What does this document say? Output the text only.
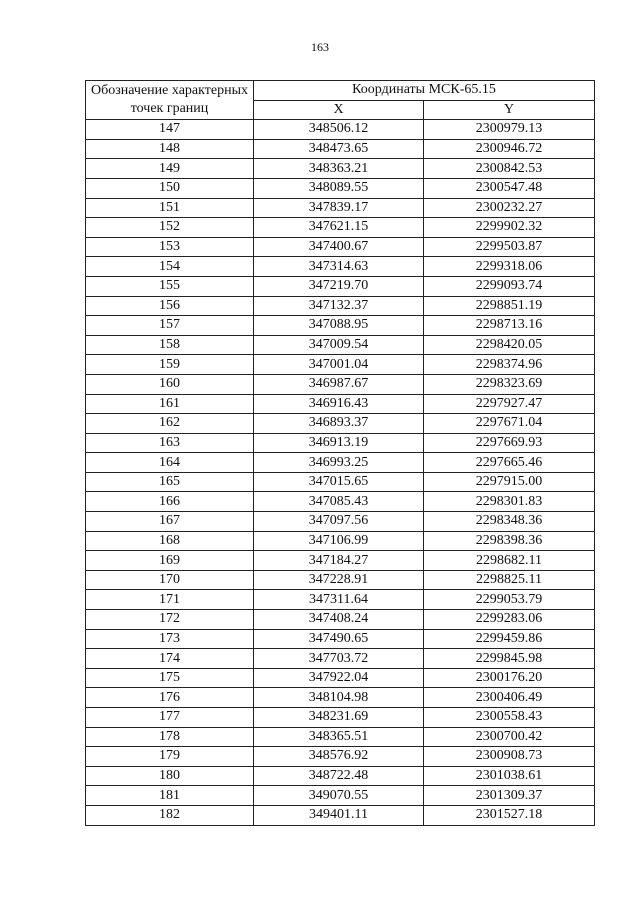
163
Обозначение характерных точек границ	Координаты МСК-65.15	
	X	Y
147	348506.12	2300979.13
148	348473.65	2300946.72
149	348363.21	2300842.53
150	348089.55	2300547.48
151	347839.17	2300232.27
152	347621.15	2299902.32
153	347400.67	2299503.87
154	347314.63	2299318.06
155	347219.70	2299093.74
156	347132.37	2298851.19
157	347088.95	2298713.16
158	347009.54	2298420.05
159	347001.04	2298374.96
160	346987.67	2298323.69
161	346916.43	2297927.47
162	346893.37	2297671.04
163	346913.19	2297669.93
164	346993.25	2297665.46
165	347015.65	2297915.00
166	347085.43	2298301.83
167	347097.56	2298348.36
168	347106.99	2298398.36
169	347184.27	2298682.11
170	347228.91	2298825.11
171	347311.64	2299053.79
172	347408.24	2299283.06
173	347490.65	2299459.86
174	347703.72	2299845.98
175	347922.04	2300176.20
176	348104.98	2300406.49
177	348231.69	2300558.43
178	348365.51	2300700.42
179	348576.92	2300908.73
180	348722.48	2301038.61
181	349070.55	2301309.37
182	349401.11	2301527.18
